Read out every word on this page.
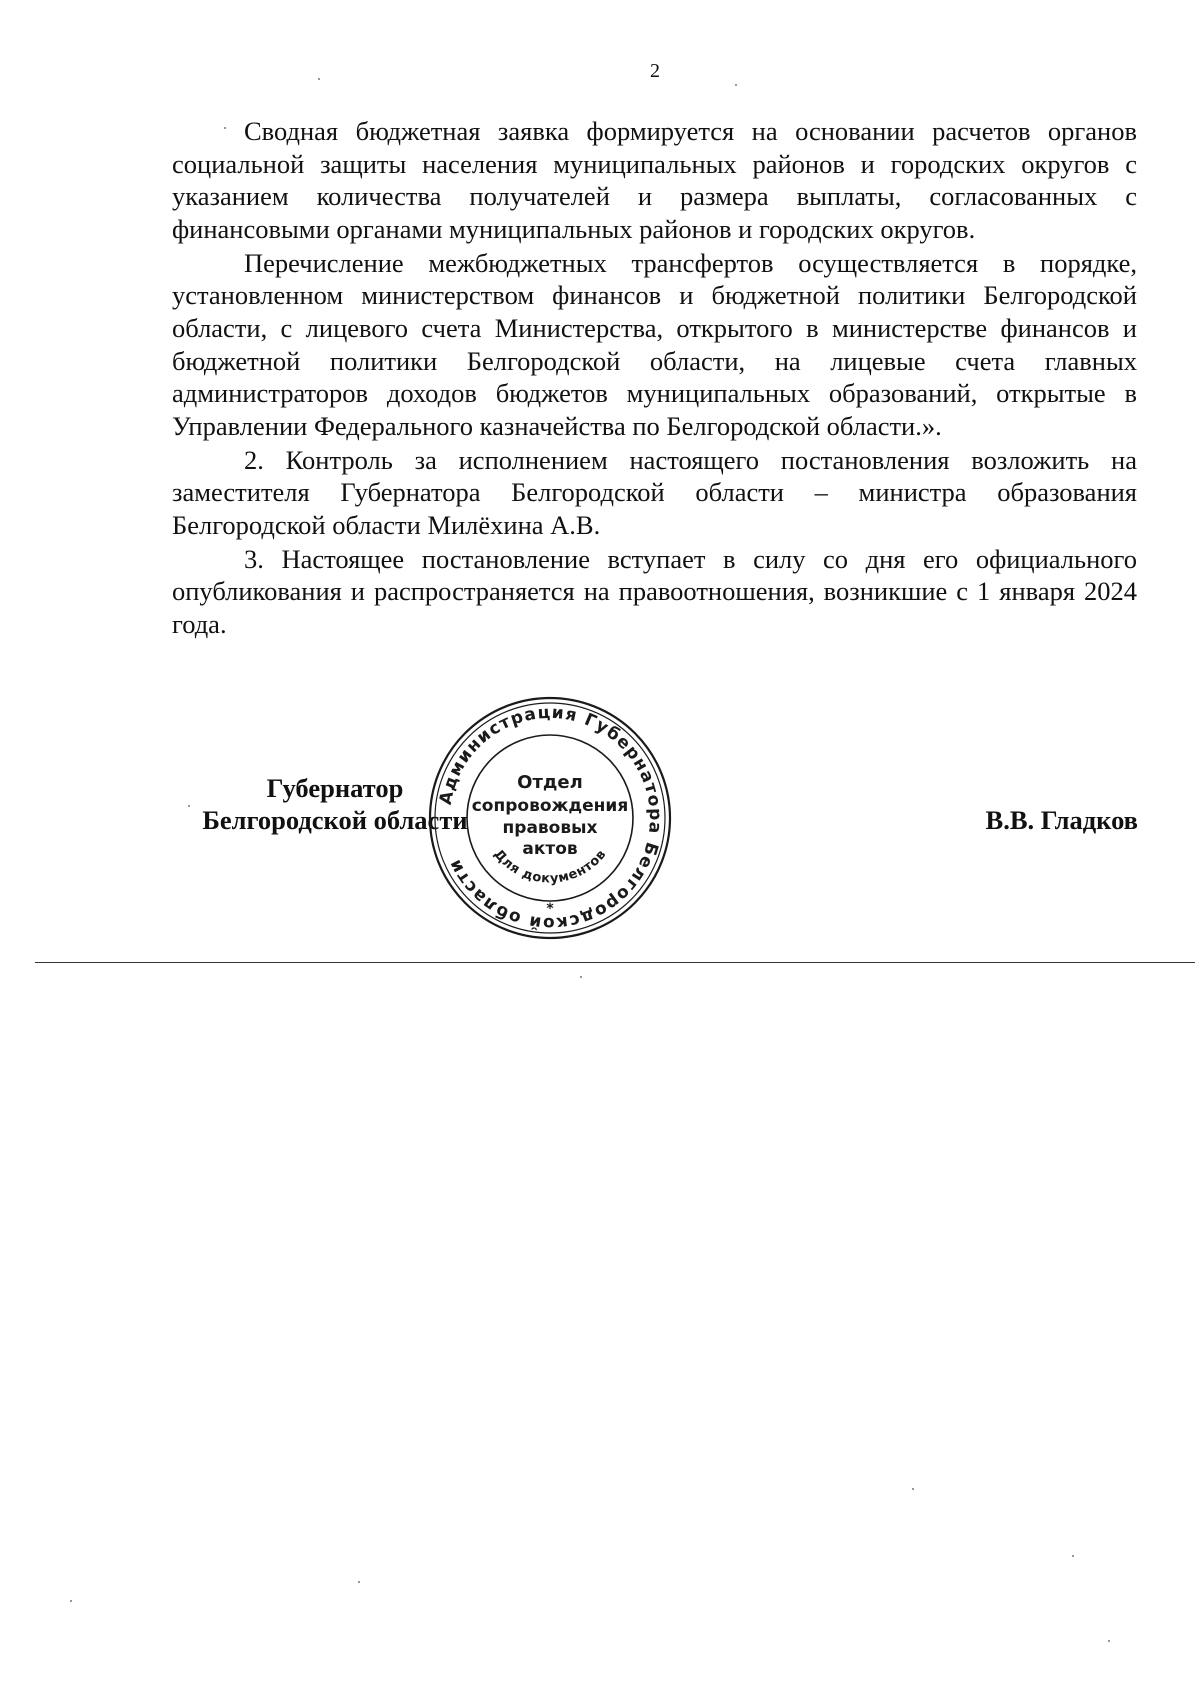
2

Сводная бюджетная заявка формируется на основании расчетов органов социальной защиты населения муниципальных районов и городских округов с указанием количества получателей и размера выплаты, согласованных с финансовыми органами муниципальных районов и городских округов.

Перечисление межбюджетных трансфертов осуществляется в порядке, установленном министерством финансов и бюджетной политики Белгородской области, с лицевого счета Министерства, открытого в министерстве финансов и бюджетной политики Белгородской области, на лицевые счета главных администраторов доходов бюджетов муниципальных образований, открытые в Управлении Федерального казначейства по Белгородской области.».

2. Контроль за исполнением настоящего постановления возложить на заместителя Губернатора Белгородской области – министра образования Белгородской области Милёхина А.В.

3. Настоящее постановление вступает в силу со дня его официального опубликования и распространяется на правоотношения, возникшие с 1 января 2024 года.

Губернатор
Белгородской области
Администрация Губернатора Белгородской области	Для документов
Отдел
сопровождения
правовых
актов
*
В.В. Гладков
